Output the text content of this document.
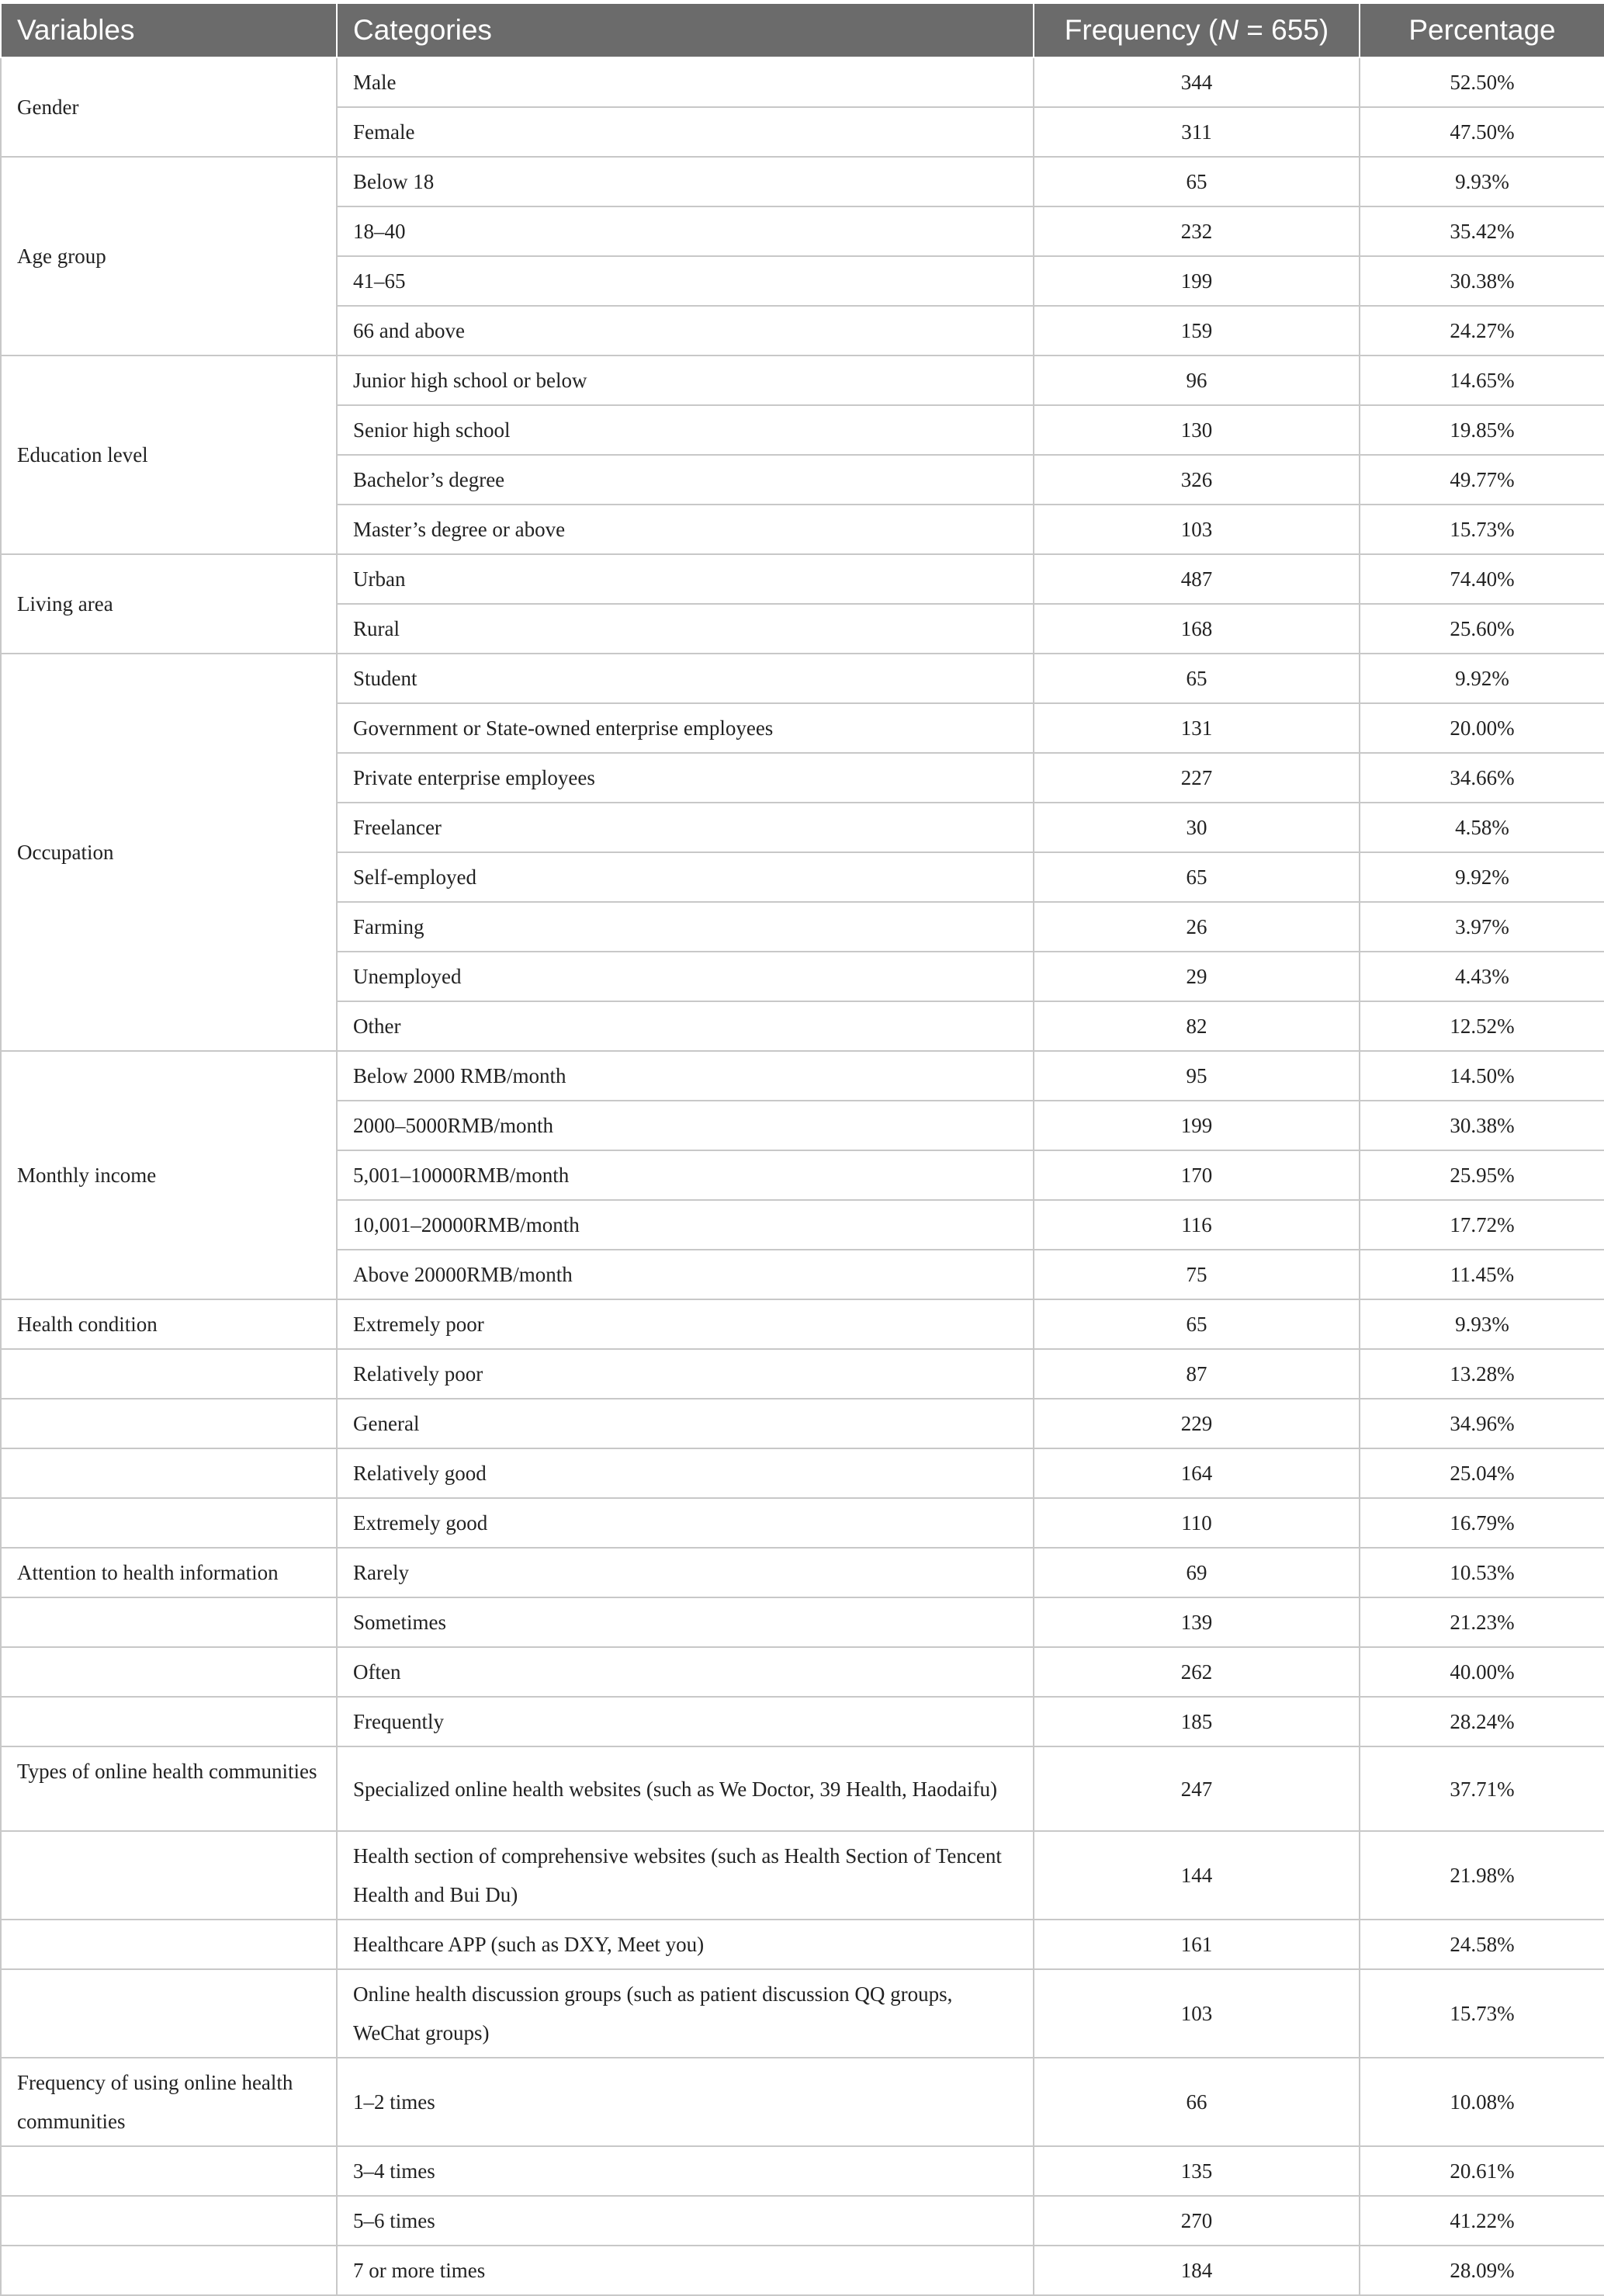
Variables	Categories	Frequency (N = 655)	Percentage
Gender	Male	344	52.50%
	Female	311	47.50%
Age group	Below 18	65	9.93%
	18–40	232	35.42%
	41–65	199	30.38%
	66 and above	159	24.27%
Education level	Junior high school or below	96	14.65%
	Senior high school	130	19.85%
	Bachelor’s degree	326	49.77%
	Master’s degree or above	103	15.73%
Living area	Urban	487	74.40%
	Rural	168	25.60%
Occupation	Student	65	9.92%
	Government or State-owned enterprise employees	131	20.00%
	Private enterprise employees	227	34.66%
	Freelancer	30	4.58%
	Self-employed	65	9.92%
	Farming	26	3.97%
	Unemployed	29	4.43%
	Other	82	12.52%
Monthly income	Below 2000 RMB/month	95	14.50%
	2000–5000RMB/month	199	30.38%
	5,001–10000RMB/month	170	25.95%
	10,001–20000RMB/month	116	17.72%
	Above 20000RMB/month	75	11.45%
Health condition	Extremely poor	65	9.93%
	Relatively poor	87	13.28%
	General	229	34.96%
	Relatively good	164	25.04%
	Extremely good	110	16.79%
Attention to health information	Rarely	69	10.53%
	Sometimes	139	21.23%
	Often	262	40.00%
	Frequently	185	28.24%
Types of online health communities	Specialized online health websites (such as We Doctor, 39 Health, Haodaifu)	247	37.71%
	Health section of comprehensive websites (such as Health Section of Tencent Health and Bui Du)	144	21.98%
	Healthcare APP (such as DXY, Meet you)	161	24.58%
	Online health discussion groups (such as patient discussion QQ groups, WeChat groups)	103	15.73%
Frequency of using online health communities	1–2 times	66	10.08%
	3–4 times	135	20.61%
	5–6 times	270	41.22%
	7 or more times	184	28.09%
